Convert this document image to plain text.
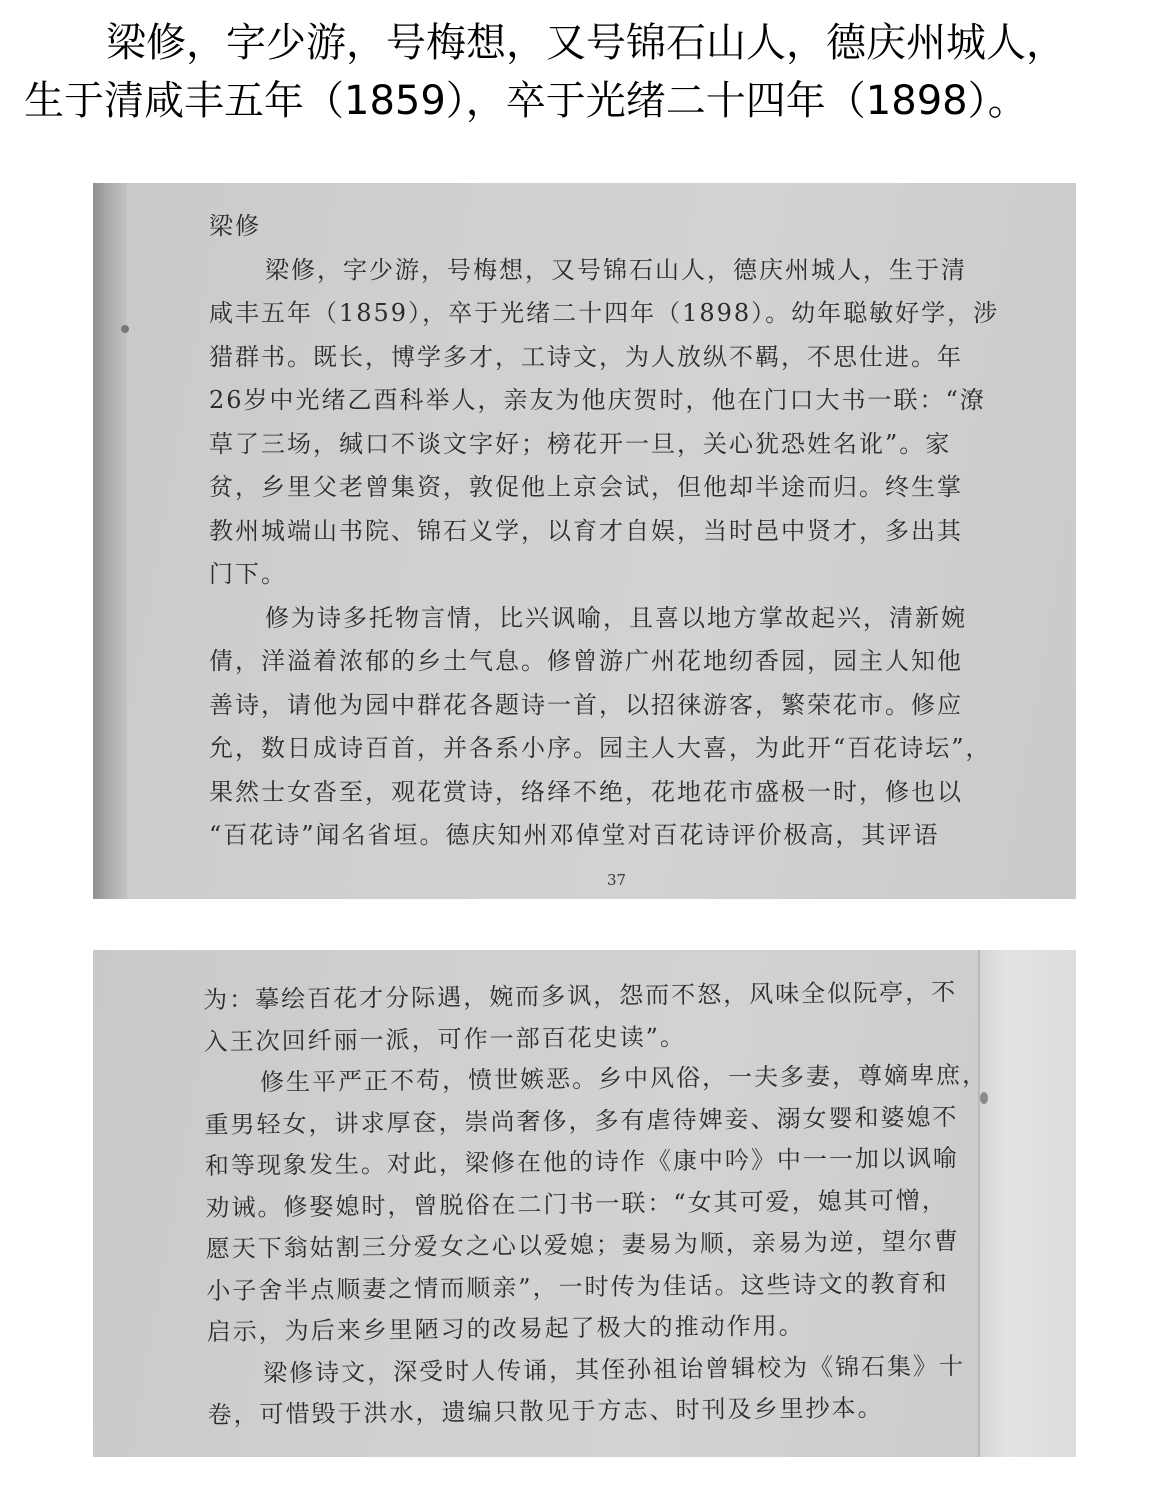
梁修，字少游，号梅想，又号锦石山人，德庆州城人，
生于清咸丰五年（1859），卒于光绪二十四年（1898）。

梁修

梁修，字少游，号梅想，又号锦石山人，德庆州城人，生于清

咸丰五年（1859），卒于光绪二十四年（1898）。幼年聪敏好学，涉

猎群书。既长，博学多才，工诗文，为人放纵不羁，不思仕进。年

26岁中光绪乙酉科举人，亲友为他庆贺时，他在门口大书一联：“潦

草了三场，缄口不谈文字好；榜花开一旦，关心犹恐姓名讹”。家

贫，乡里父老曾集资，敦促他上京会试，但他却半途而归。终生掌

教州城端山书院、锦石义学，以育才自娱，当时邑中贤才，多出其

门下。

修为诗多托物言情，比兴讽喻，且喜以地方掌故起兴，清新婉

倩，洋溢着浓郁的乡土气息。修曾游广州花地纫香园，园主人知他

善诗，请他为园中群花各题诗一首，以招徕游客，繁荣花市。修应

允，数日成诗百首，并各系小序。园主人大喜，为此开“百花诗坛”，

果然士女沓至，观花赏诗，络绎不绝，花地花市盛极一时，修也以

“百花诗”闻名省垣。德庆知州邓倬堂对百花诗评价极高，其评语

37

为：摹绘百花才分际遇，婉而多讽，怨而不怒，风味全似阮亭，不

入王次回纤丽一派，可作一部百花史读”。

修生平严正不苟，愤世嫉恶。乡中风俗，一夫多妻，尊嫡卑庶，

重男轻女，讲求厚奁，崇尚奢侈，多有虐待婢妾、溺女婴和婆媳不

和等现象发生。对此，梁修在他的诗作《康中吟》中一一加以讽喻

劝诫。修娶媳时，曾脱俗在二门书一联：“女其可爱，媳其可憎，

愿天下翁姑割三分爱女之心以爱媳；妻易为顺，亲易为逆，望尔曹

小子舍半点顺妻之情而顺亲”，一时传为佳话。这些诗文的教育和

启示，为后来乡里陋习的改易起了极大的推动作用。

梁修诗文，深受时人传诵，其侄孙祖诒曾辑校为《锦石集》十

卷，可惜毁于洪水，遗编只散见于方志、时刊及乡里抄本。
